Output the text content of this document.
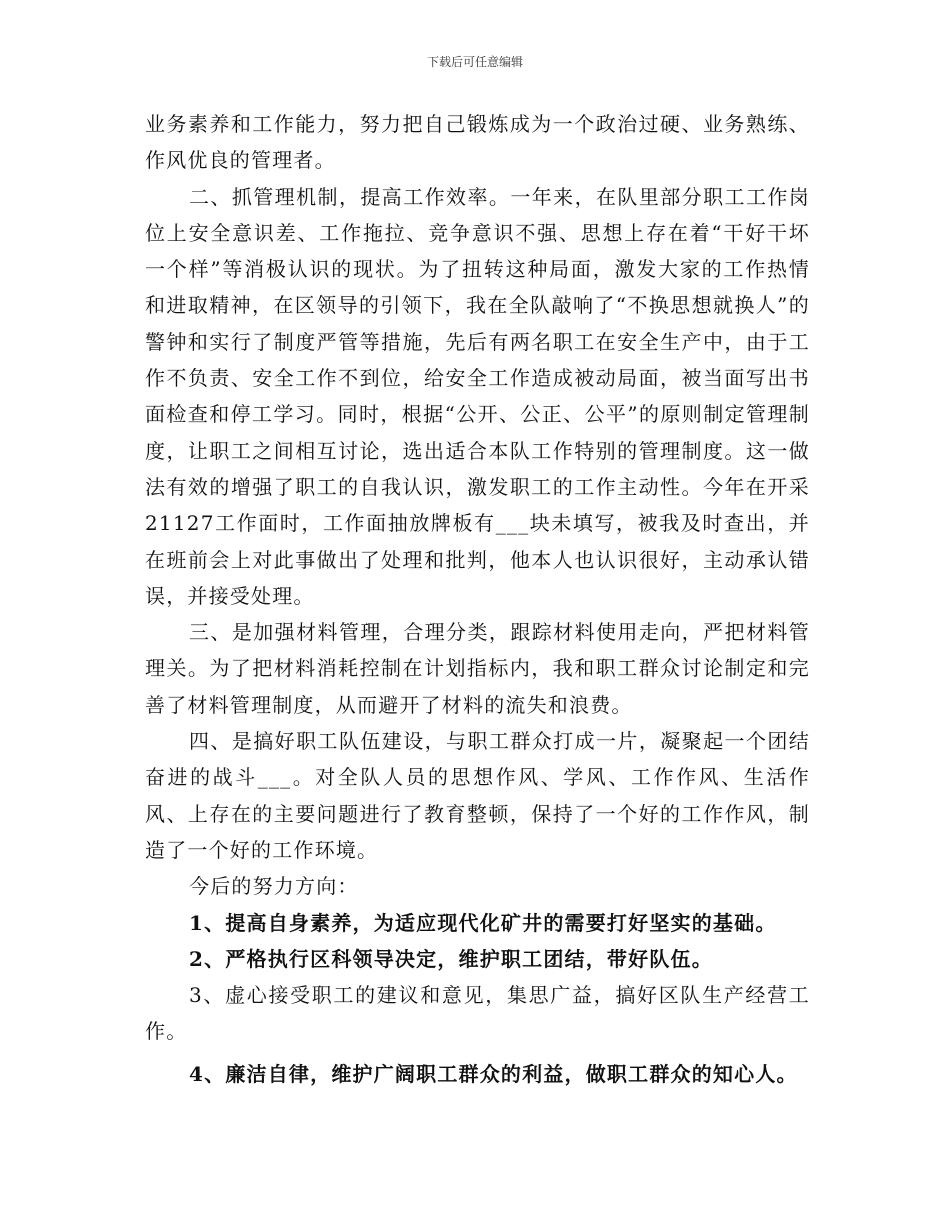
下载后可任意编辑

业务素养和工作能力，努力把自己锻炼成为一个政治过硬、业务熟练、作风优良的管理者。

二、抓管理机制，提高工作效率。一年来，在队里部分职工工作岗位上安全意识差、工作拖拉、竞争意识不强、思想上存在着“干好干坏一个样”等消极认识的现状。为了扭转这种局面，激发大家的工作热情和进取精神，在区领导的引领下，我在全队敲响了“不换思想就换人”的警钟和实行了制度严管等措施，先后有两名职工在安全生产中，由于工作不负责、安全工作不到位，给安全工作造成被动局面，被当面写出书面检查和停工学习。同时，根据“公开、公正、公平”的原则制定管理制度，让职工之间相互讨论，选出适合本队工作特别的管理制度。这一做法有效的增强了职工的自我认识，激发职工的工作主动性。今年在开采21127工作面时，工作面抽放牌板有___块未填写，被我及时查出，并在班前会上对此事做出了处理和批判，他本人也认识很好，主动承认错误，并接受处理。

三、是加强材料管理，合理分类，跟踪材料使用走向，严把材料管理关。为了把材料消耗控制在计划指标内，我和职工群众讨论制定和完善了材料管理制度，从而避开了材料的流失和浪费。

四、是搞好职工队伍建设，与职工群众打成一片，凝聚起一个团结奋进的战斗___。对全队人员的思想作风、学风、工作作风、生活作风、上存在的主要问题进行了教育整顿，保持了一个好的工作作风，制造了一个好的工作环境。

今后的努力方向：

1、提高自身素养，为适应现代化矿井的需要打好坚实的基础。

2、严格执行区科领导决定，维护职工团结，带好队伍。

3、虚心接受职工的建议和意见，集思广益，搞好区队生产经营工作。

4、廉洁自律，维护广阔职工群众的利益，做职工群众的知心人。
